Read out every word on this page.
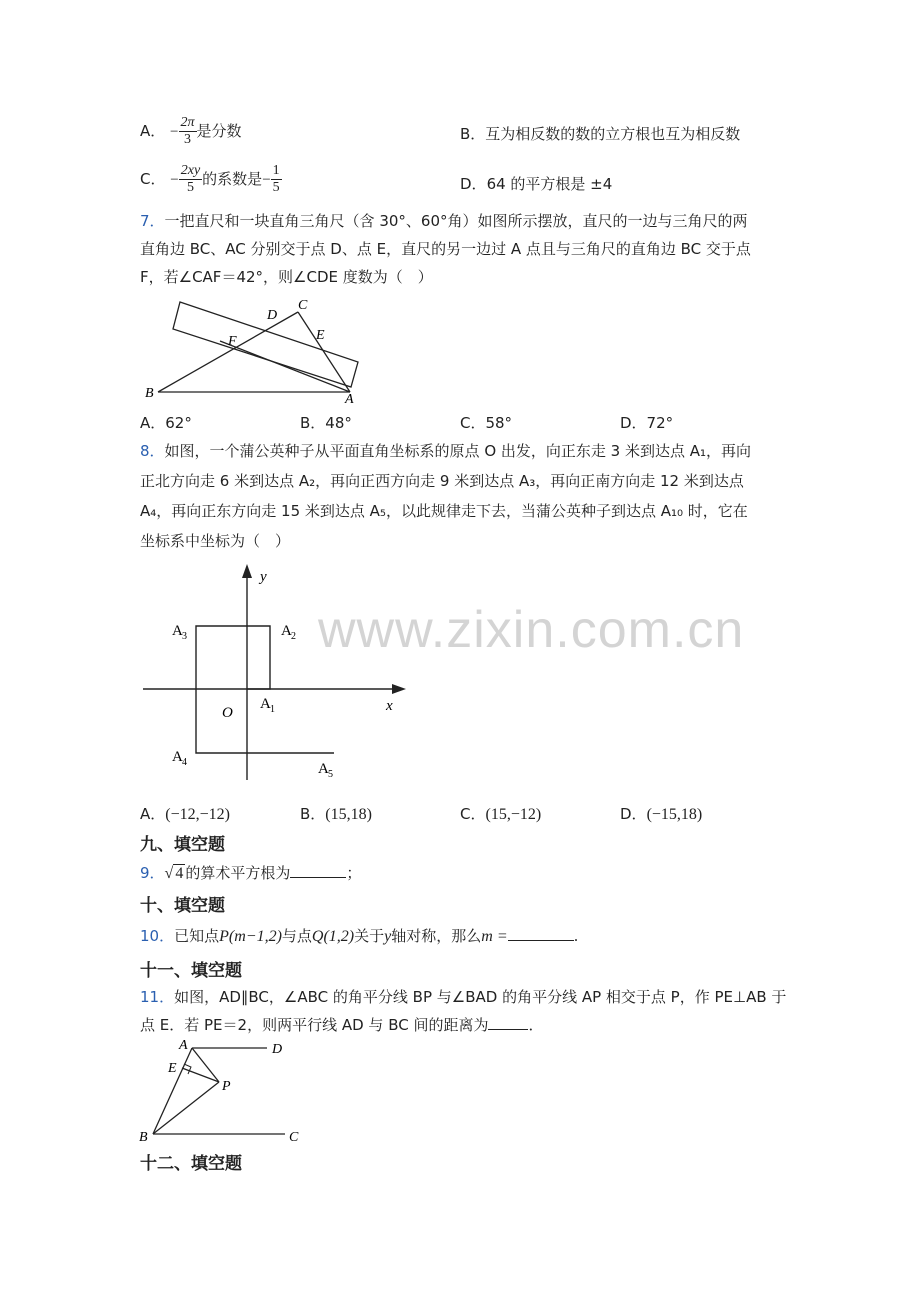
www.zixin.com.cn
A． − $\frac{2\pi}{3}$ 是分数	B．互为相反数的数的立方根也互为相反数
C． − $\frac{2xy}{5}$ 的系数是− $\frac{1}{5}$	D．64 的平方根是 ±4
7．一把直尺和一块直角三角尺（含 30°、60°角）如图所示摆放，直尺的一边与三角尺的两
直角边 BC、AC 分别交于点 D、点 E，直尺的另一边过 A 点且与三角尺的直角边 BC 交于点
F，若∠CAF＝42°，则∠CDE 度数为（　）
B
F
D
C
E
A
A．62°	B．48°	C．58°	D．72°
8．如图，一个蒲公英种子从平面直角坐标系的原点 O 出发，向正东走 3 米到达点 A₁，再向
正北方向走 6 米到达点 A₂，再向正西方向走 9 米到达点 A₃，再向正南方向走 12 米到达点
A₄，再向正东方向走 15 米到达点 A₅，以此规律走下去，当蒲公英种子到达点 A₁₀ 时，它在
坐标系中坐标为（　）
y
x
O
A 1
A 2
A 3
A 4	A 5
A．(−12,−12)	B．(15,18)	C．(15,−12)	D．(−15,18)
九、填空题
9．√ 4 的算术平方根为	；
十、填空题
10．已知点P(m−1,2)与点Q(1,2)关于y轴对称，那么m =	.
十一、填空题
11．如图，AD∥BC，∠ABC 的角平分线 BP 与∠BAD 的角平分线 AP 相交于点 P，作 PE⊥AB 于
点 E．若 PE＝2，则两平行线 AD 与 BC 间的距离为	．
A	D
E
P
B	C
十二、填空题
